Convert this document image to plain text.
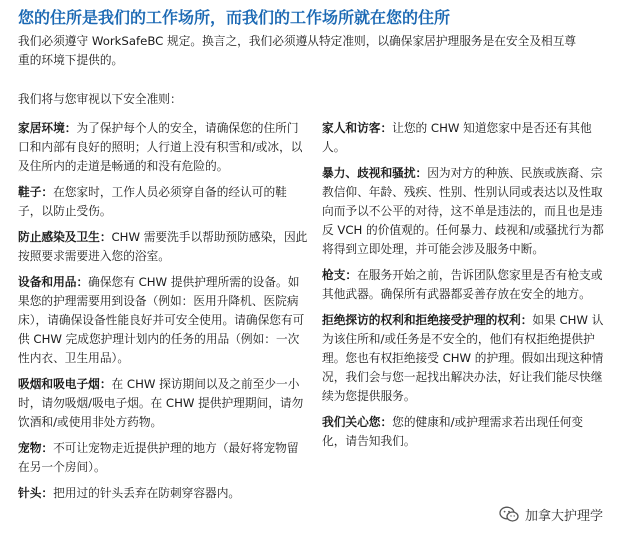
您的住所是我们的工作场所，而我们的工作场所就在您的住所
我们必须遵守 WorkSafeBC 规定。换言之，我们必须遵从特定准则，以确保家居护理服务是在安全及相互尊重的环境下提供的。
我们将与您审视以下安全准则：
家居环境：为了保护每个人的安全，请确保您的住所门口和内部有良好的照明；人行道上没有积雪和/或冰，以及住所内的走道是畅通的和没有危险的。
鞋子：在您家时，工作人员必须穿自备的经认可的鞋子，以防止受伤。
防止感染及卫生：CHW 需要洗手以帮助预防感染，因此按照要求需要进入您的浴室。
设备和用品：确保您有 CHW 提供护理所需的设备。如果您的护理需要用到设备（例如：医用升降机、医院病床），请确保设备性能良好并可安全使用。请确保您有可供 CHW 完成您护理计划内的任务的用品（例如：一次性内衣、卫生用品）。
吸烟和吸电子烟：在 CHW 探访期间以及之前至少一小时，请勿吸烟/吸电子烟。在 CHW 提供护理期间，请勿饮酒和/或使用非处方药物。
宠物：不可让宠物走近提供护理的地方（最好将宠物留在另一个房间）。
针头：把用过的针头丢弃在防刺穿容器内。
家人和访客：让您的 CHW 知道您家中是否还有其他人。
暴力、歧视和骚扰：因为对方的种族、民族或族裔、宗教信仰、年龄、残疾、性别、性别认同或表达以及性取向而予以不公平的对待，这不单是违法的，而且也是违反 VCH 的价值观的。任何暴力、歧视和/或骚扰行为都将得到立即处理，并可能会涉及服务中断。
枪支：在服务开始之前，告诉团队您家里是否有枪支或其他武器。确保所有武器都妥善存放在安全的地方。
拒绝探访的权利和拒绝接受护理的权利：如果 CHW 认为该住所和/或任务是不安全的，他们有权拒绝提供护理。您也有权拒绝接受 CHW 的护理。假如出现这种情况，我们会与您一起找出解决办法，好让我们能尽快继续为您提供服务。
我们关心您：您的健康和/或护理需求若出现任何变化，请告知我们。
加拿大护理学
